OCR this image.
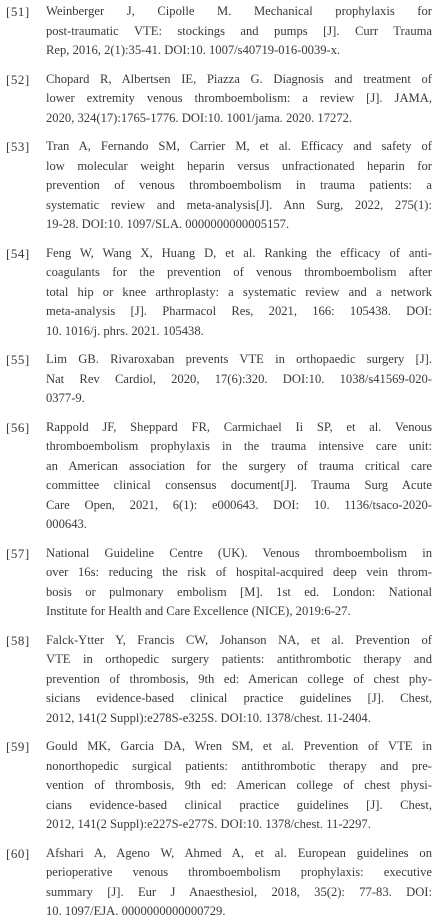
[51]	Weinberger J, Cipolle M. Mechanical prophylaxis for
post-traumatic VTE: stockings and pumps [J]. Curr Trauma
Rep, 2016, 2(1):35-41. DOI:10. 1007/s40719-016-0039-x.
[52]	Chopard R, Albertsen IE, Piazza G. Diagnosis and treatment of
lower extremity venous thromboembolism: a review [J]. JAMA,
2020, 324(17):1765-1776. DOI:10. 1001/jama. 2020. 17272.
[53]	Tran A, Fernando SM, Carrier M, et al. Efficacy and safety of
low molecular weight heparin versus unfractionated heparin for
prevention of venous thromboembolism in trauma patients: a
systematic review and meta-analysis[J]. Ann Surg, 2022, 275(1):
19-28. DOI:10. 1097/SLA. 0000000000005157.
[54]	Feng W, Wang X, Huang D, et al. Ranking the efficacy of anti-
coagulants for the prevention of venous thromboembolism after
total hip or knee arthroplasty: a systematic review and a network
meta-analysis [J]. Pharmacol Res, 2021, 166: 105438. DOI:
10. 1016/j. phrs. 2021. 105438.
[55]	Lim GB. Rivaroxaban prevents VTE in orthopaedic surgery [J].
Nat Rev Cardiol, 2020, 17(6):320. DOI:10. 1038/s41569-020-
0377-9.
[56]	Rappold JF, Sheppard FR, Carmichael Ii SP, et al. Venous
thromboembolism prophylaxis in the trauma intensive care unit:
an American association for the surgery of trauma critical care
committee clinical consensus document[J]. Trauma Surg Acute
Care Open, 2021, 6(1): e000643. DOI: 10. 1136/tsaco-2020-
000643.
[57]	National Guideline Centre (UK). Venous thromboembolism in
over 16s: reducing the risk of hospital-acquired deep vein throm-
bosis or pulmonary embolism [M]. 1st ed. London: National
Institute for Health and Care Excellence (NICE), 2019:6-27.
[58]	Falck-Ytter Y, Francis CW, Johanson NA, et al. Prevention of
VTE in orthopedic surgery patients: antithrombotic therapy and
prevention of thrombosis, 9th ed: American college of chest phy-
sicians evidence-based clinical practice guidelines [J]. Chest,
2012, 141(2 Suppl):e278S-e325S. DOI:10. 1378/chest. 11-2404.
[59]	Gould MK, Garcia DA, Wren SM, et al. Prevention of VTE in
nonorthopedic surgical patients: antithrombotic therapy and pre-
vention of thrombosis, 9th ed: American college of chest physi-
cians evidence-based clinical practice guidelines [J]. Chest,
2012, 141(2 Suppl):e227S-e277S. DOI:10. 1378/chest. 11-2297.
[60]	Afshari A, Ageno W, Ahmed A, et al. European guidelines on
perioperative venous thromboembolism prophylaxis: executive
summary [J]. Eur J Anaesthesiol, 2018, 35(2): 77-83. DOI:
10. 1097/EJA. 0000000000000729.
